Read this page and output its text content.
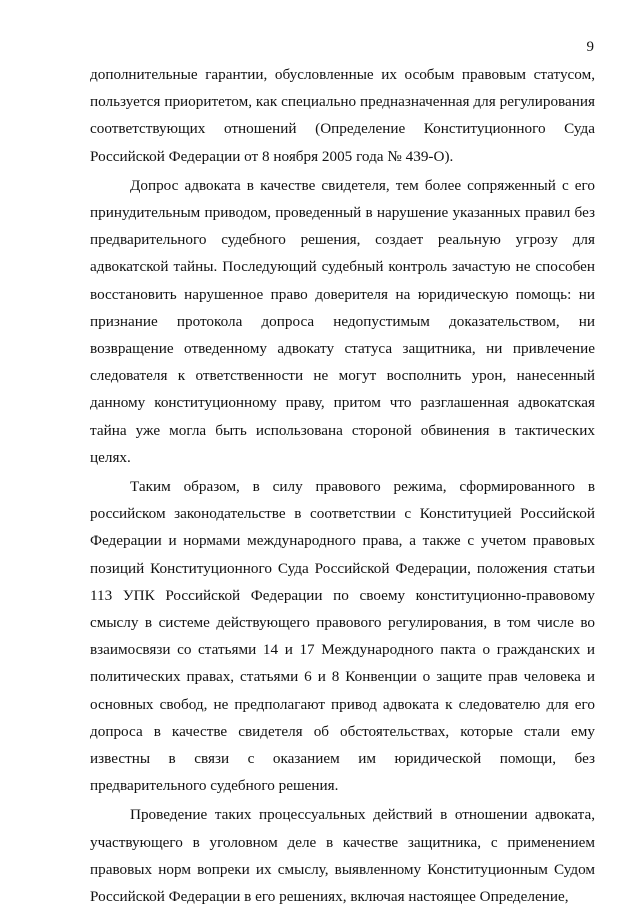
9

дополнительные гарантии, обусловленные их особым правовым статусом, пользуется приоритетом, как специально предназначенная для регулирования соответствующих отношений (Определение Конституционного Суда Российской Федерации от 8 ноября 2005 года № 439-О).

Допрос адвоката в качестве свидетеля, тем более сопряженный с его принудительным приводом, проведенный в нарушение указанных правил без предварительного судебного решения, создает реальную угрозу для адвокатской тайны. Последующий судебный контроль зачастую не способен восстановить нарушенное право доверителя на юридическую помощь: ни признание протокола допроса недопустимым доказательством, ни возвращение отведенному адвокату статуса защитника, ни привлечение следователя к ответственности не могут восполнить урон, нанесенный данному конституционному праву, притом что разглашенная адвокатская тайна уже могла быть использована стороной обвинения в тактических целях.

Таким образом, в силу правового режима, сформированного в российском законодательстве в соответствии с Конституцией Российской Федерации и нормами международного права, а также с учетом правовых позиций Конституционного Суда Российской Федерации, положения статьи 113 УПК Российской Федерации по своему конституционно-правовому смыслу в системе действующего правового регулирования, в том числе во взаимосвязи со статьями 14 и 17 Международного пакта о гражданских и политических правах, статьями 6 и 8 Конвенции о защите прав человека и основных свобод, не предполагают привод адвоката к следователю для его допроса в качестве свидетеля об обстоятельствах, которые стали ему известны в связи с оказанием им юридической помощи, без предварительного судебного решения.

Проведение таких процессуальных действий в отношении адвоката, участвующего в уголовном деле в качестве защитника, с применением правовых норм вопреки их смыслу, выявленному Конституционным Судом Российской Федерации в его решениях, включая настоящее Определение,
